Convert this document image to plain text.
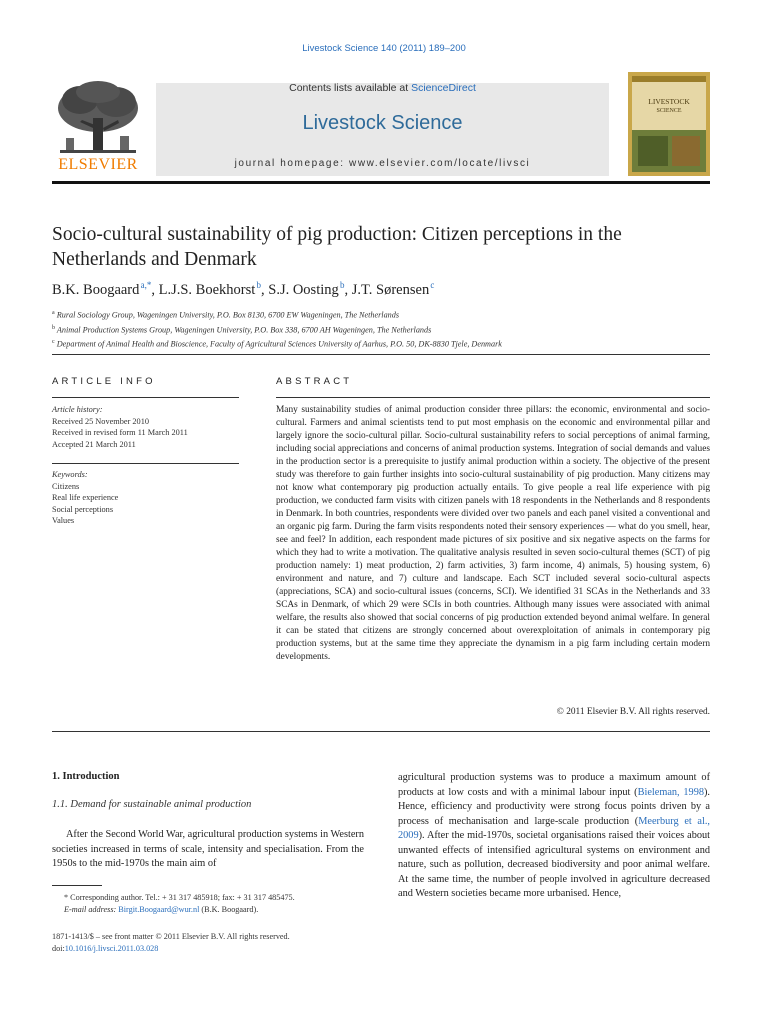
Livestock Science 140 (2011) 189–200
ELSEVIER
Contents lists available at ScienceDirect
Livestock Science
journal homepage: www.elsevier.com/locate/livsci
LIVESTOCK
SCIENCE
Socio-cultural sustainability of pig production: Citizen perceptions in the Netherlands and Denmark
B.K. Boogaard $^{a,*}$, L.J.S. Boekhorst $^b$, S.J. Oosting $^b$, J.T. Sørensen $^c$
$^a$ Rural Sociology Group, Wageningen University, P.O. Box 8130, 6700 EW Wageningen, The Netherlands
$^b$ Animal Production Systems Group, Wageningen University, P.O. Box 338, 6700 AH Wageningen, The Netherlands
$^c$ Department of Animal Health and Bioscience, Faculty of Agricultural Sciences University of Aarhus, P.O. 50, DK-8830 Tjele, Denmark
ARTICLE INFO	ABSTRACT
Article history:
Received 25 November 2010
Received in revised form 11 March 2011
Accepted 21 March 2011
Keywords:
Citizens
Real life experience
Social perceptions
Values
Many sustainability studies of animal production consider three pillars: the economic, environmental and socio-cultural. Farmers and animal scientists tend to put most emphasis on the economic and environmental pillar and largely ignore the socio-cultural pillar. Socio-cultural sustainability refers to social perceptions of animal farming, including social appreciations and concerns of animal production systems. Integration of social demands and values in the production sector is a prerequisite to justify animal production within a society. The objective of the present study was therefore to gain further insights into socio-cultural sustainability of pig production. Many citizens may not know what contemporary pig production actually entails. To give people a real life experience with pig production, we conducted farm visits with citizen panels with 18 respondents in the Netherlands and 8 respondents in Denmark. In both countries, respondents were divided over two panels and each panel visited a conventional and an organic pig farm. During the farm visits respondents noted their sensory experiences — what do you smell, hear, see and feel? In addition, each respondent made pictures of six positive and six negative aspects on the farms for which they had to write a motivation. The qualitative analysis resulted in seven socio-cultural themes (SCT) of pig production namely: 1) meat production, 2) farm activities, 3) farm income, 4) animals, 5) housing system, 6) environment and nature, and 7) culture and landscape. Each SCT included several socio-cultural aspects (appreciations, SCA) and socio-cultural issues (concerns, SCI). We identified 31 SCAs in the Netherlands and 33 SCAs in Denmark, of which 29 were SCIs in both countries. Although many issues were associated with animal welfare, the results also showed that social concerns of pig production extended beyond animal welfare. In general it can be stated that citizens are strongly concerned about overexploitation of animals in contemporary pig production systems, but at the same time they appreciate the dynamism in a pig farm including certain modern developments.
© 2011 Elsevier B.V. All rights reserved.
1. Introduction
1.1. Demand for sustainable animal production
After the Second World War, agricultural production systems in Western societies increased in terms of scale, intensity and specialisation. From the 1950s to the mid-1970s the main aim of
agricultural production systems was to produce a maximum amount of products at low costs and with a minimal labour input (Bieleman, 1998). Hence, efficiency and productivity were strong focus points driven by a process of mechanisation and large-scale production (Meerburg et al., 2009). After the mid-1970s, societal organisations raised their voices about unwanted effects of intensified agricultural systems on environment and nature, such as pollution, decreased biodiversity and poor animal welfare. At the same time, the number of people involved in agriculture decreased and Western societies became more urbanised. Hence,
* Corresponding author. Tel.: + 31 317 485918; fax: + 31 317 485475.
E-mail address: Birgit.Boogaard@wur.nl (B.K. Boogaard).
1871-1413/$ – see front matter © 2011 Elsevier B.V. All rights reserved.
doi:10.1016/j.livsci.2011.03.028
